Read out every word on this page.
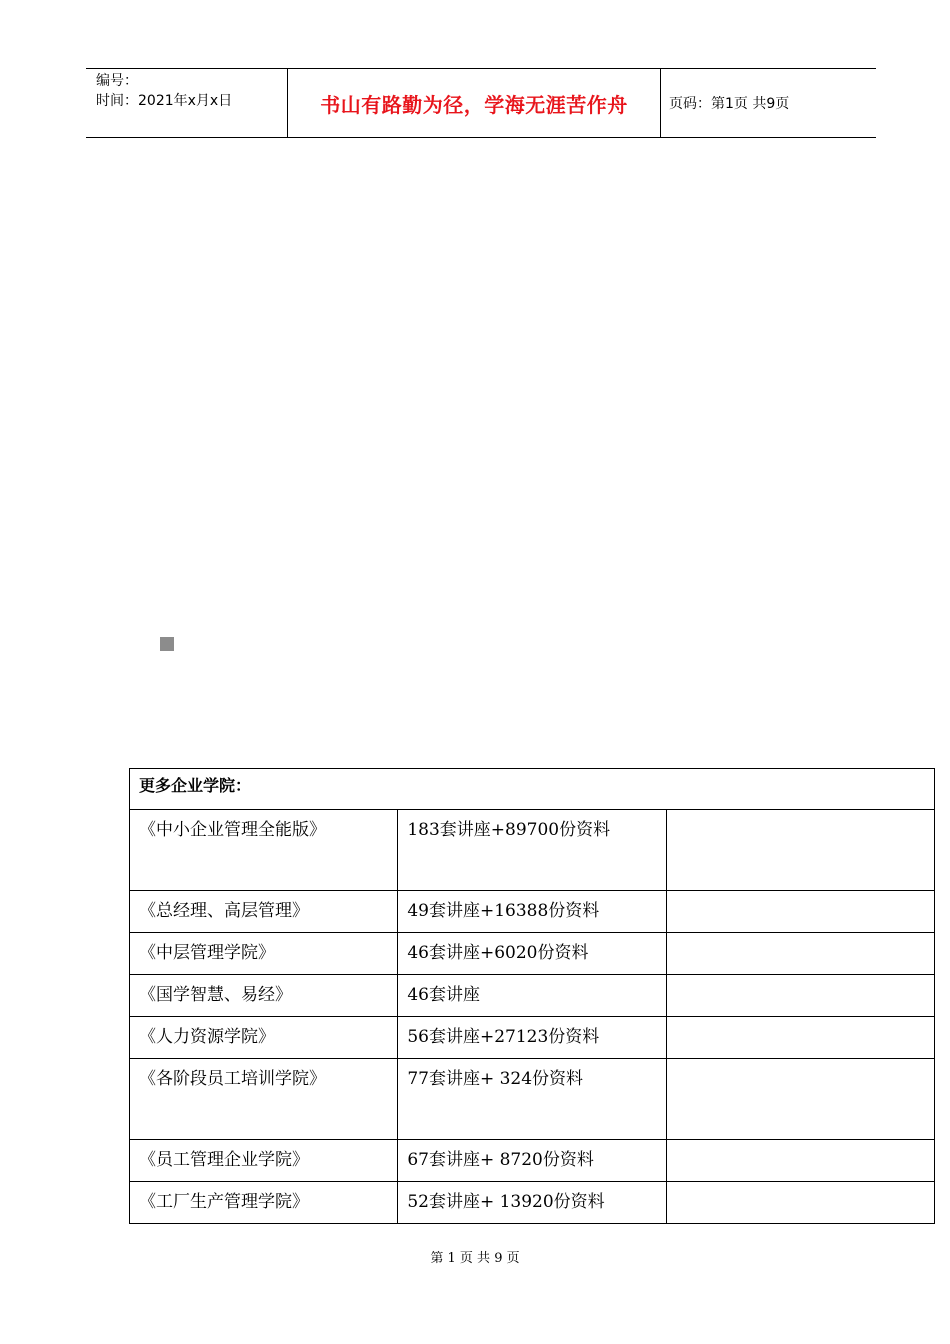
编号：
时间：2021年x月x日	书山有路勤为径，学海无涯苦作舟	页码：第1页 共9页
更多企业学院：		
《中小企业管理全能版》	183套讲座+89700份资料	
《总经理、高层管理》	49套讲座+16388份资料	
《中层管理学院》	46套讲座+6020份资料	
《国学智慧、易经》	46套讲座	
《人力资源学院》	56套讲座+27123份资料	
《各阶段员工培训学院》	77套讲座+ 324份资料	
《员工管理企业学院》	67套讲座+ 8720份资料	
《工厂生产管理学院》	52套讲座+ 13920份资料	
第 1 页 共 9 页
